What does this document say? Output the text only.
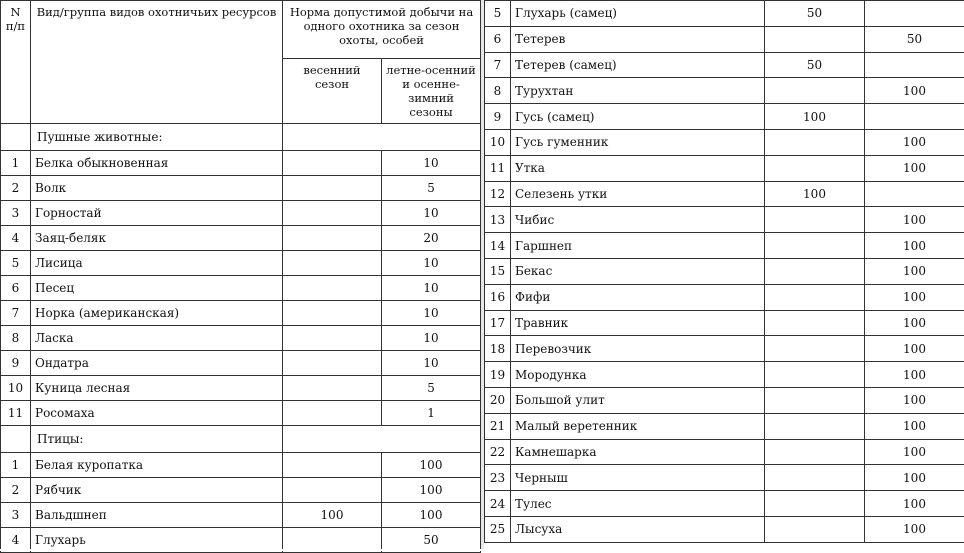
N п/п	Вид/группа видов охотничьих ресурсов	Норма допустимой добычи на одного охотника за сезон охоты, особей	
		весенний сезон	летне-осенний и осенне-зимний сезоны
	Пушные животные:		
1	Белка обыкновенная		10
2	Волк		5
3	Горностай		10
4	Заяц-беляк		20
5	Лисица		10
6	Песец		10
7	Норка (американская)		10
8	Ласка		10
9	Ондатра		10
10	Куница лесная		5
11	Росомаха		1
	Птицы:		
1	Белая куропатка		100
2	Рябчик		100
3	Вальдшнеп	100	100
4	Глухарь		50
5	Глухарь (самец)	50	
6	Тетерев		50
7	Тетерев (самец)	50	
8	Турухтан		100
9	Гусь (самец)	100	
10	Гусь гуменник		100
11	Утка		100
12	Селезень утки	100	
13	Чибис		100
14	Гаршнеп		100
15	Бекас		100
16	Фифи		100
17	Травник		100
18	Перевозчик		100
19	Мородунка		100
20	Большой улит		100
21	Малый веретенник		100
22	Камнешарка		100
23	Черныш		100
24	Тулес		100
25	Лысуха		100
